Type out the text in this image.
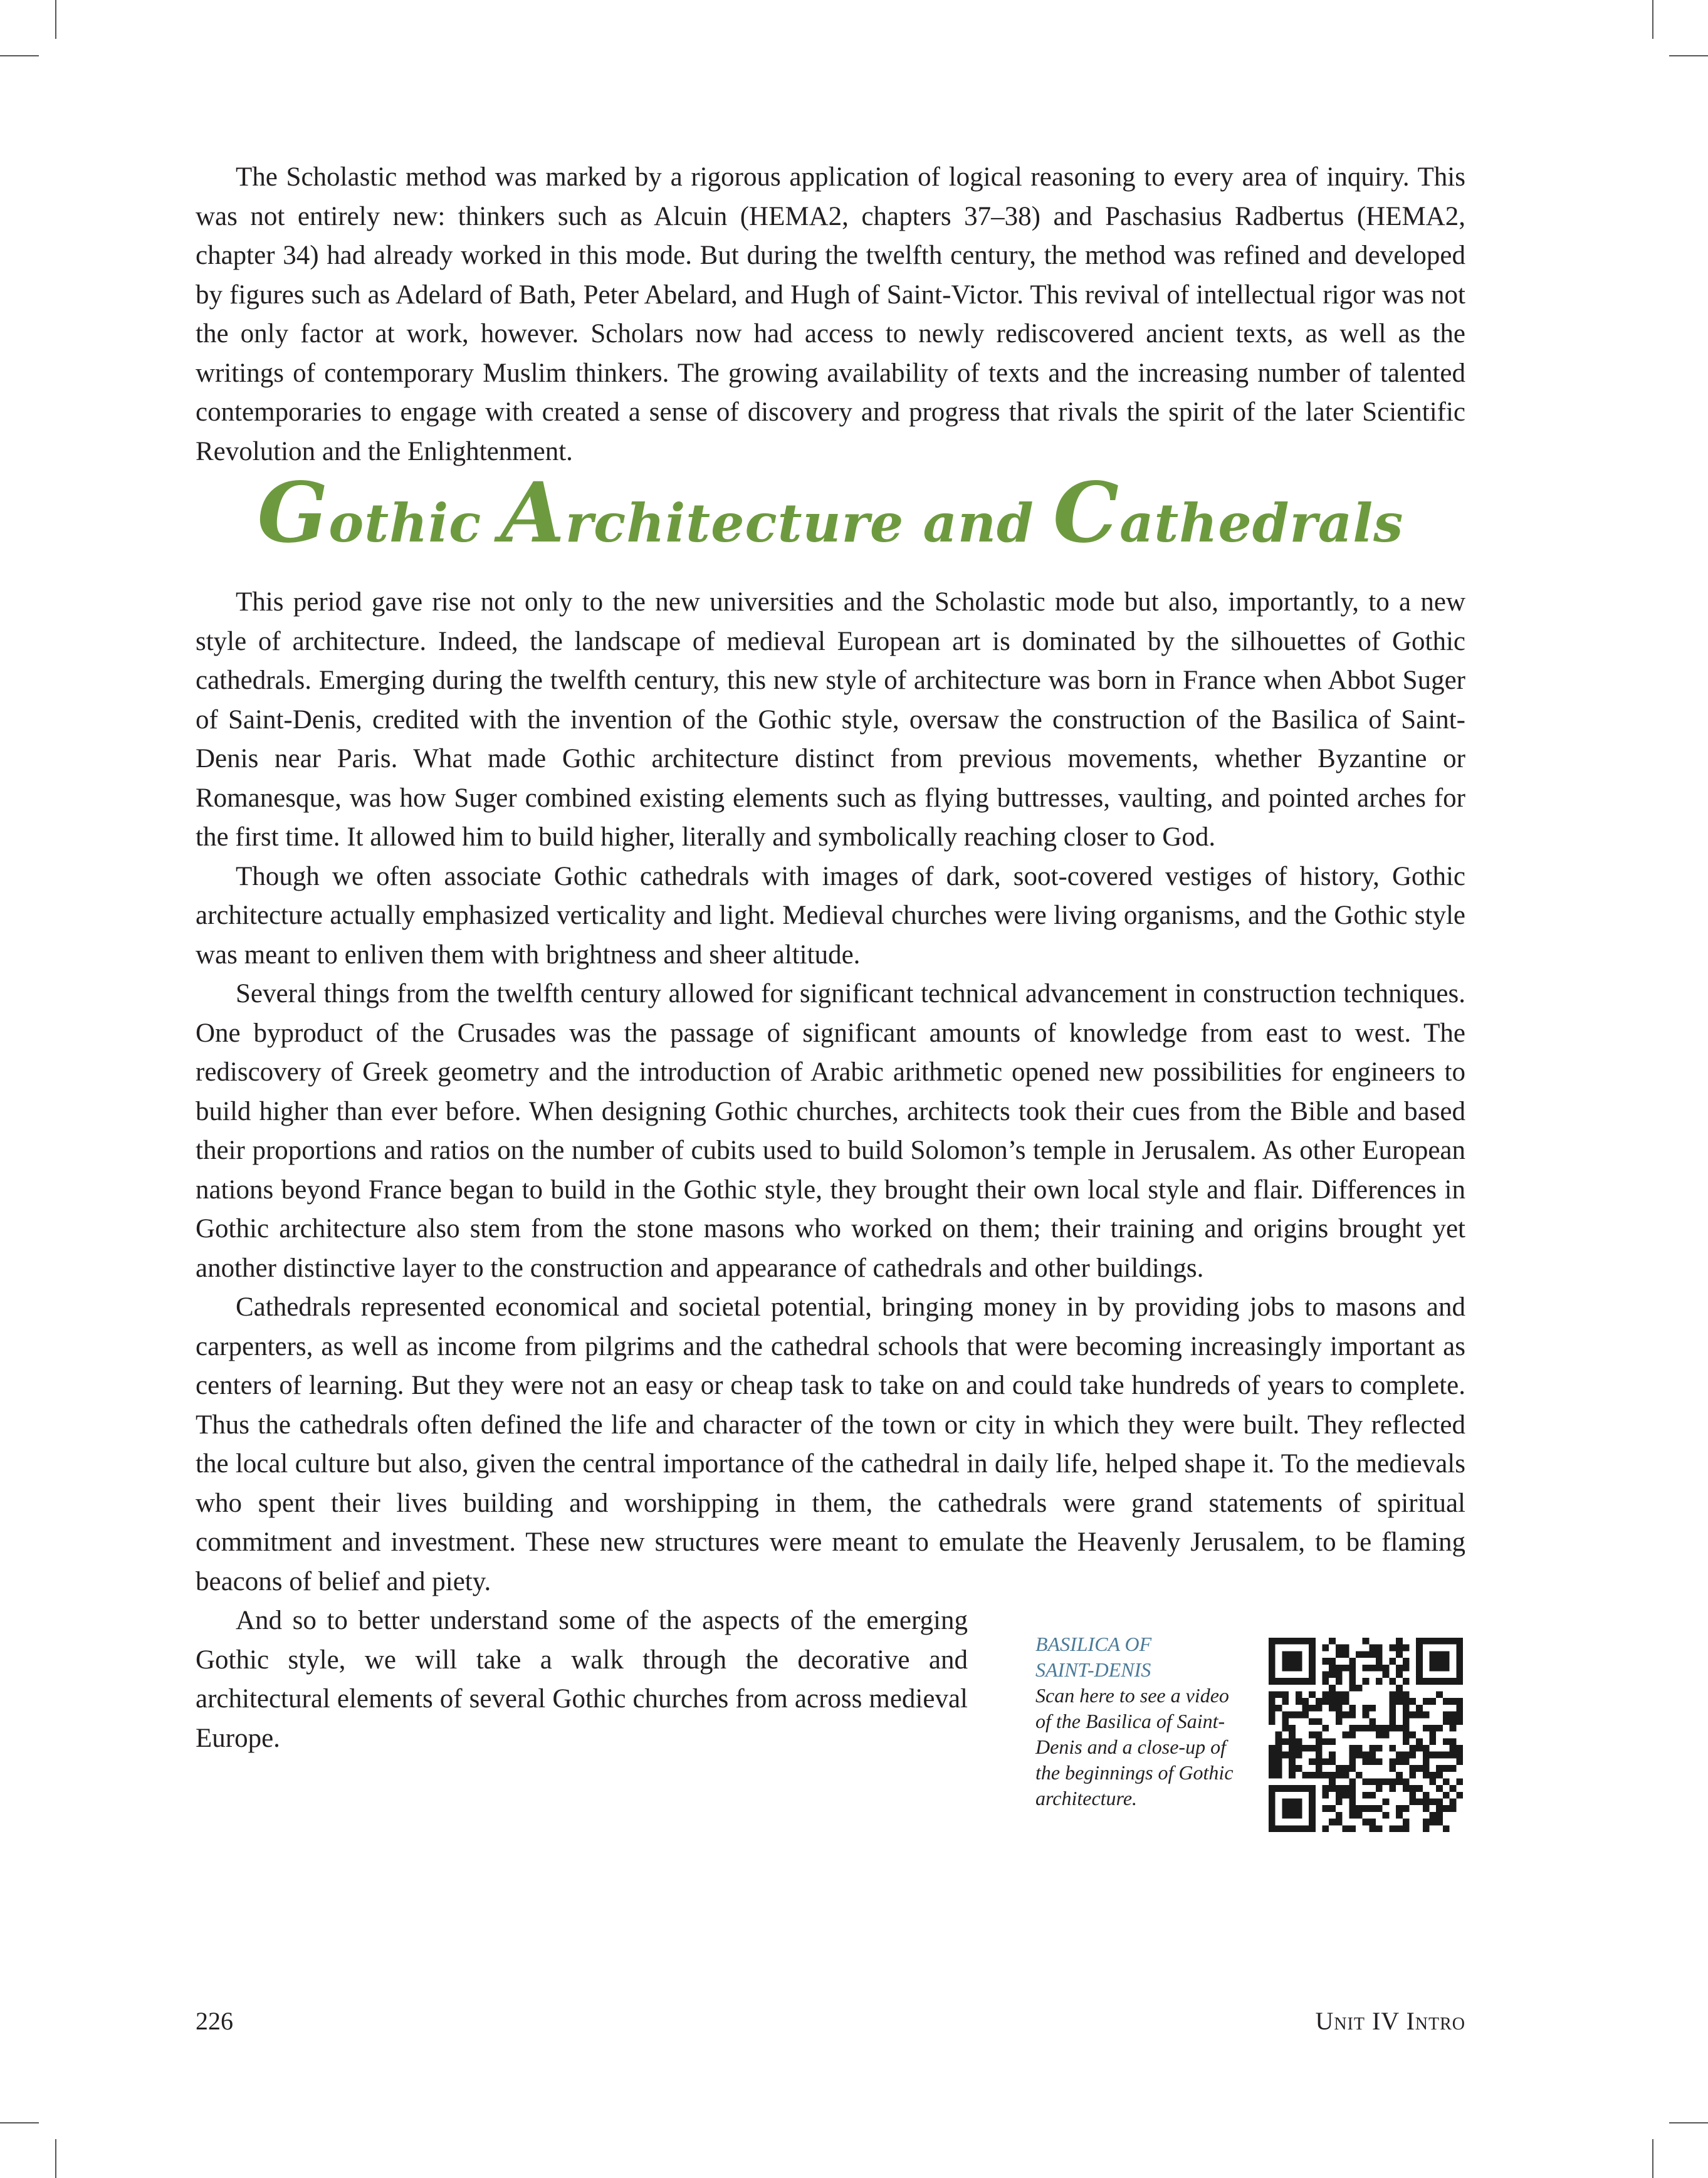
The Scholastic method was marked by a rigorous application of logical reasoning to every area of inquiry. This was not entirely new: thinkers such as Alcuin (HEMA2, chapters 37–38) and Paschasius Radbertus (HEMA2, chapter 34) had already worked in this mode. But during the twelfth century, the method was refined and developed by figures such as Adelard of Bath, Peter Abelard, and Hugh of Saint-Victor. This revival of intellectual rigor was not the only factor at work, however. Scholars now had access to newly rediscovered ancient texts, as well as the writings of contemporary Muslim thinkers. The growing availability of texts and the increasing number of talented contemporaries to engage with created a sense of discovery and progress that rivals the spirit of the later Scientific Revolution and the Enlightenment.

Gothic Architecture and Cathedrals

This period gave rise not only to the new universities and the Scholastic mode but also, importantly, to a new style of architecture. Indeed, the landscape of medieval European art is dominated by the silhouettes of Gothic cathedrals. Emerging during the twelfth century, this new style of architecture was born in France when Abbot Suger of Saint-Denis, credited with the invention of the Gothic style, oversaw the construction of the Basilica of Saint-Denis near Paris. What made Gothic architecture distinct from previous movements, whether Byzantine or Romanesque, was how Suger combined existing elements such as flying buttresses, vaulting, and pointed arches for the first time. It allowed him to build higher, literally and symbolically reaching closer to God.

Though we often associate Gothic cathedrals with images of dark, soot-covered vestiges of history, Gothic architecture actually emphasized verticality and light. Medieval churches were living organisms, and the Gothic style was meant to enliven them with brightness and sheer altitude.

Several things from the twelfth century allowed for significant technical advancement in construction techniques. One byproduct of the Crusades was the passage of significant amounts of knowledge from east to west. The rediscovery of Greek geometry and the introduction of Arabic arithmetic opened new possibilities for engineers to build higher than ever before. When designing Gothic churches, architects took their cues from the Bible and based their proportions and ratios on the number of cubits used to build Solomon’s temple in Jerusalem. As other European nations beyond France began to build in the Gothic style, they brought their own local style and flair. Differences in Gothic architecture also stem from the stone masons who worked on them; their training and origins brought yet another distinctive layer to the construction and appearance of cathedrals and other buildings.

Cathedrals represented economical and societal potential, bringing money in by providing jobs to masons and carpenters, as well as income from pilgrims and the cathedral schools that were becoming increasingly important as centers of learning. But they were not an easy or cheap task to take on and could take hundreds of years to complete. Thus the cathedrals often defined the life and character of the town or city in which they were built. They reflected the local culture but also, given the central importance of the cathedral in daily life, helped shape it. To the medievals who spent their lives building and worshipping in them, the cathedrals were grand statements of spiritual commitment and investment. These new structures were meant to emulate the Heavenly Jerusalem, to be flaming beacons of belief and piety.

And so to better understand some of the aspects of the emerging Gothic style, we will take a walk through the decorative and architectural elements of several Gothic churches from across medieval Europe.

BASILICA OF
SAINT-DENIS
Scan here to see a video of the Basilica of Saint-Denis and a close-up of the beginnings of Gothic architecture.
226	Unit IV Intro
